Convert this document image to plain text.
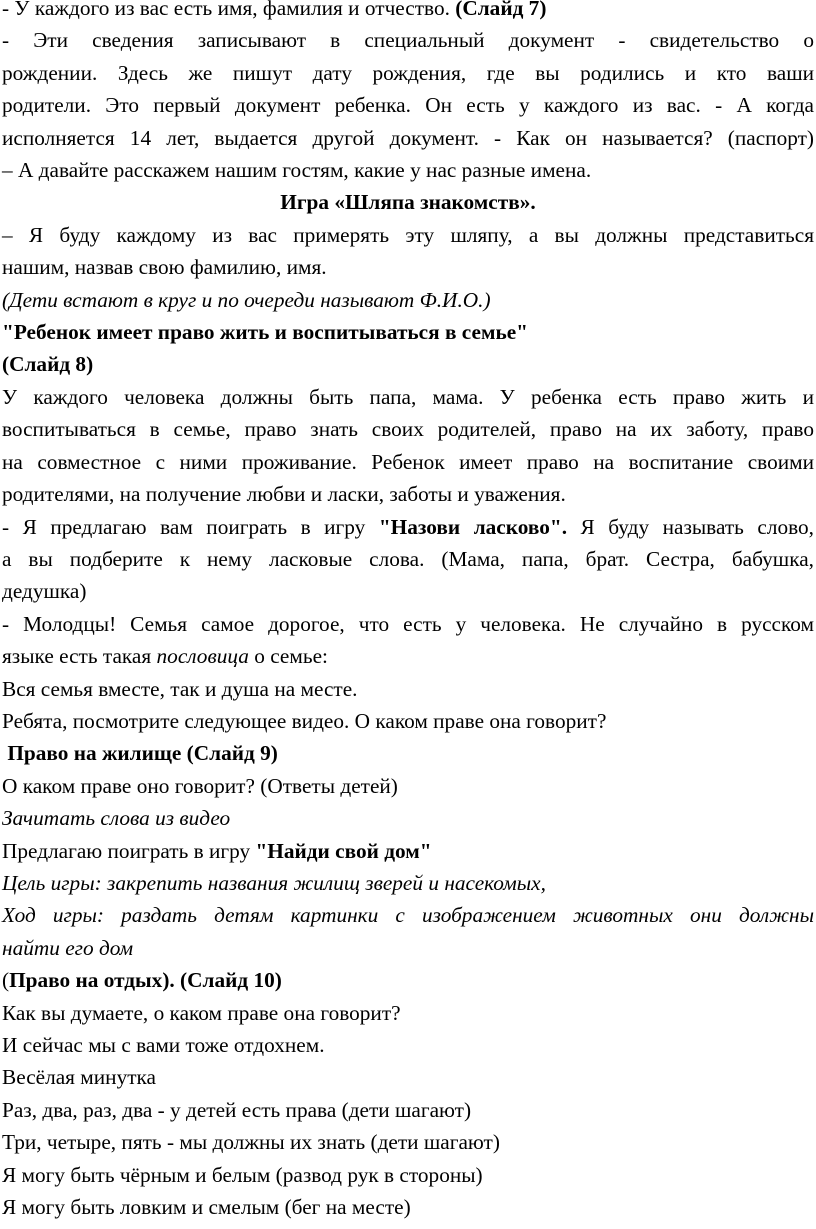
- У каждого из вас есть имя, фамилия и отчество. (Слайд 7)

- Эти сведения записывают в специальный документ - свидетельство о

рождении. Здесь же пишут дату рождения, где вы родились и кто ваши

родители. Это первый документ ребенка. Он есть у каждого из вас. - А когда

исполняется 14 лет, выдается другой документ. - Как он называется? (паспорт)

– А давайте расскажем нашим гостям, какие у нас разные имена.

Игра «Шляпа знакомств».

– Я буду каждому из вас примерять эту шляпу, а вы должны представиться

нашим, назвав свою фамилию, имя.

(Дети встают в круг и по очереди называют Ф.И.О.)

"Ребенок имеет право жить и воспитываться в семье"

(Слайд 8)

У каждого человека должны быть папа, мама. У ребенка есть право жить и

воспитываться в семье, право знать своих родителей, право на их заботу, право

на совместное с ними проживание. Ребенок имеет право на воспитание своими

родителями, на получение любви и ласки, заботы и уважения.

- Я предлагаю вам поиграть в игру "Назови ласково". Я буду называть слово,

а вы подберите к нему ласковые слова. (Мама, папа, брат. Сестра, бабушка,

дедушка)

- Молодцы! Семья самое дорогое, что есть у человека. Не случайно в русском

языке есть такая пословица о семье:

Вся семья вместе, так и душа на месте.

Ребята, посмотрите следующее видео. О каком праве она говорит?

Право на жилище (Слайд 9)

О каком праве оно говорит? (Ответы детей)

Зачитать слова из видео

Предлагаю поиграть в игру "Найди свой дом"

Цель игры: закрепить названия жилищ зверей и насекомых,

Ход игры: раздать детям картинки с изображением животных они должны

найти его дом

(Право на отдых). (Слайд 10)

Как вы думаете, о каком праве она говорит?

И сейчас мы с вами тоже отдохнем.

Весёлая минутка

Раз, два, раз, два - у детей есть права (дети шагают)

Три, четыре, пять - мы должны их знать (дети шагают)

Я могу быть чёрным и белым (развод рук в стороны)

Я могу быть ловким и смелым (бег на месте)
